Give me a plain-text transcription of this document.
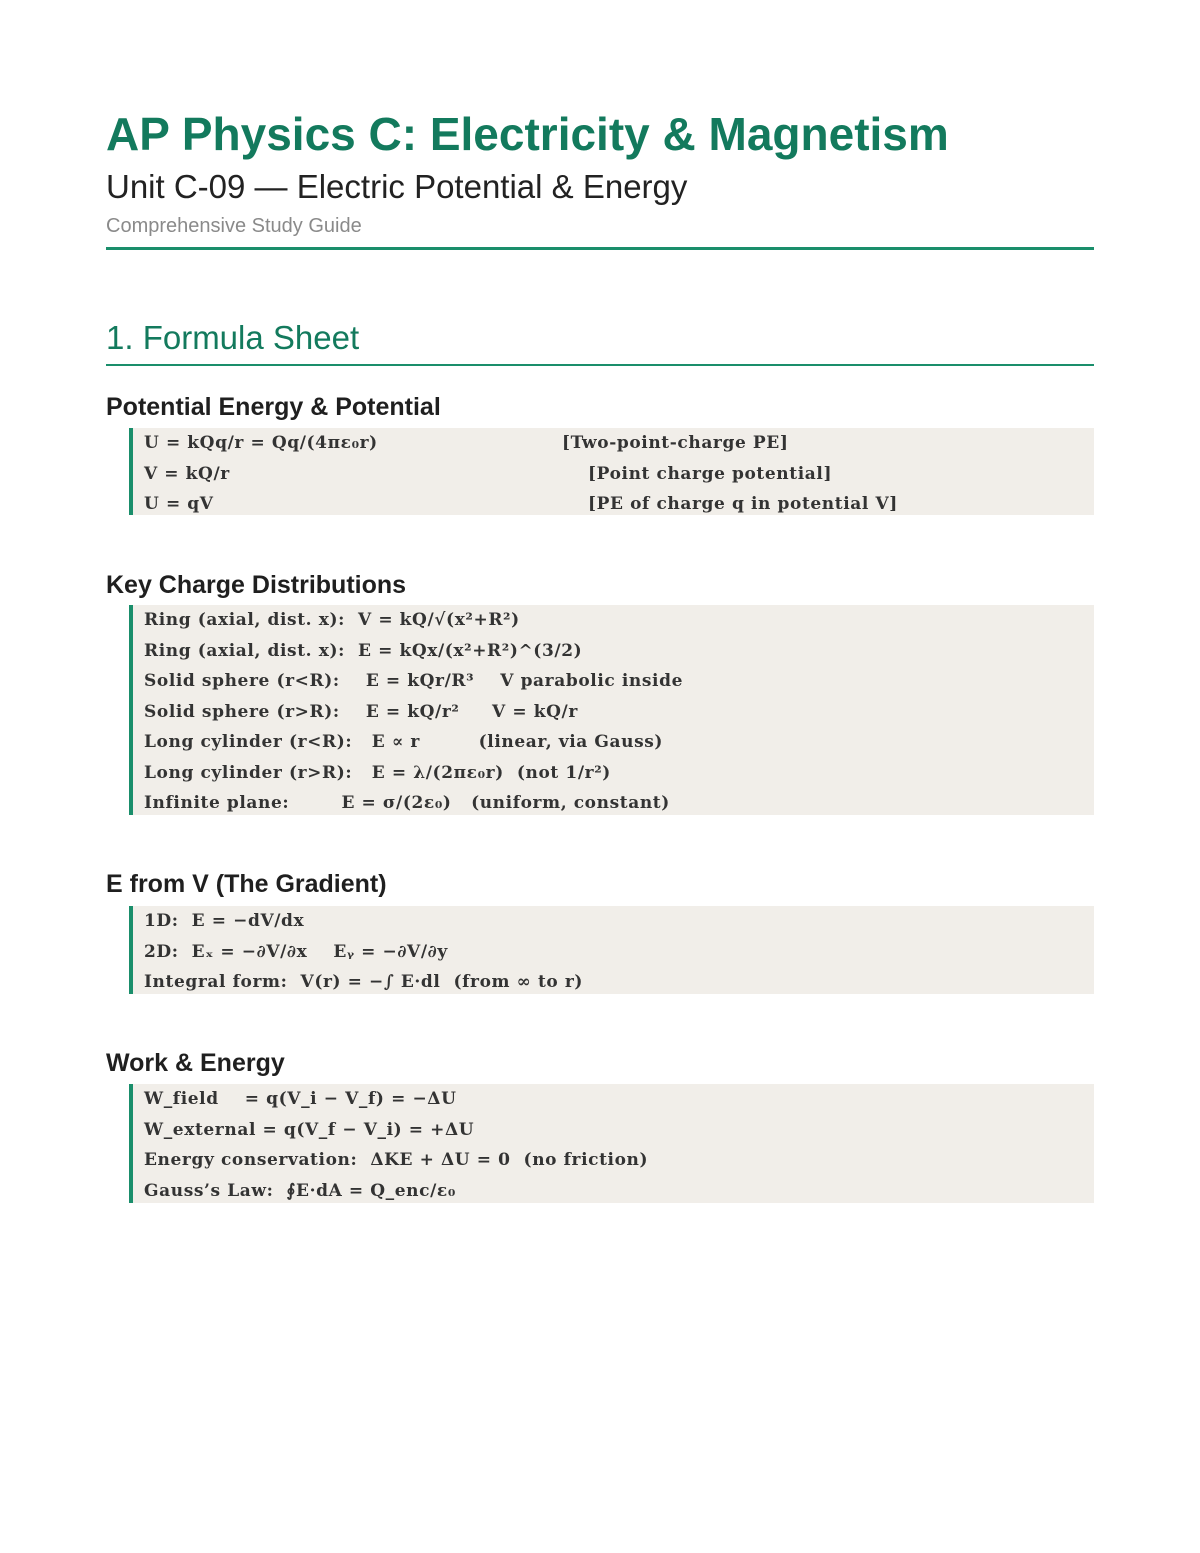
AP Physics C: Electricity & Magnetism
Unit C-09 — Electric Potential & Energy
Comprehensive Study Guide
1. Formula Sheet
Potential Energy & Potential
U = kQq/r = Qq/(4πε₀r)	[Two-point-charge PE]
V = kQ/r	[Point charge potential]
U = qV	[PE of charge q in potential V]
Key Charge Distributions
Ring (axial, dist. x):  V = kQ/√(x²+R²)
Ring (axial, dist. x):  E = kQx/(x²+R²)^(3/2)
Solid sphere (r<R):    E = kQr/R³    V parabolic inside
Solid sphere (r>R):    E = kQ/r²     V = kQ/r
Long cylinder (r<R):   E ∝ r         (linear, via Gauss)
Long cylinder (r>R):   E = λ/(2πε₀r)  (not 1/r²)
Infinite plane:        E = σ/(2ε₀)   (uniform, constant)
E from V (The Gradient)
1D:  E = −dV/dx
2D:  Eₓ = −∂V/∂x    Eᵧ = −∂V/∂y
Integral form:  V(r) = −∫ E·dl  (from ∞ to r)
Work & Energy
W_field    = q(V_i − V_f) = −ΔU
W_external = q(V_f − V_i) = +ΔU
Energy conservation:  ΔKE + ΔU = 0  (no friction)
Gauss’s Law:  ∮E·dA = Q_enc/ε₀
